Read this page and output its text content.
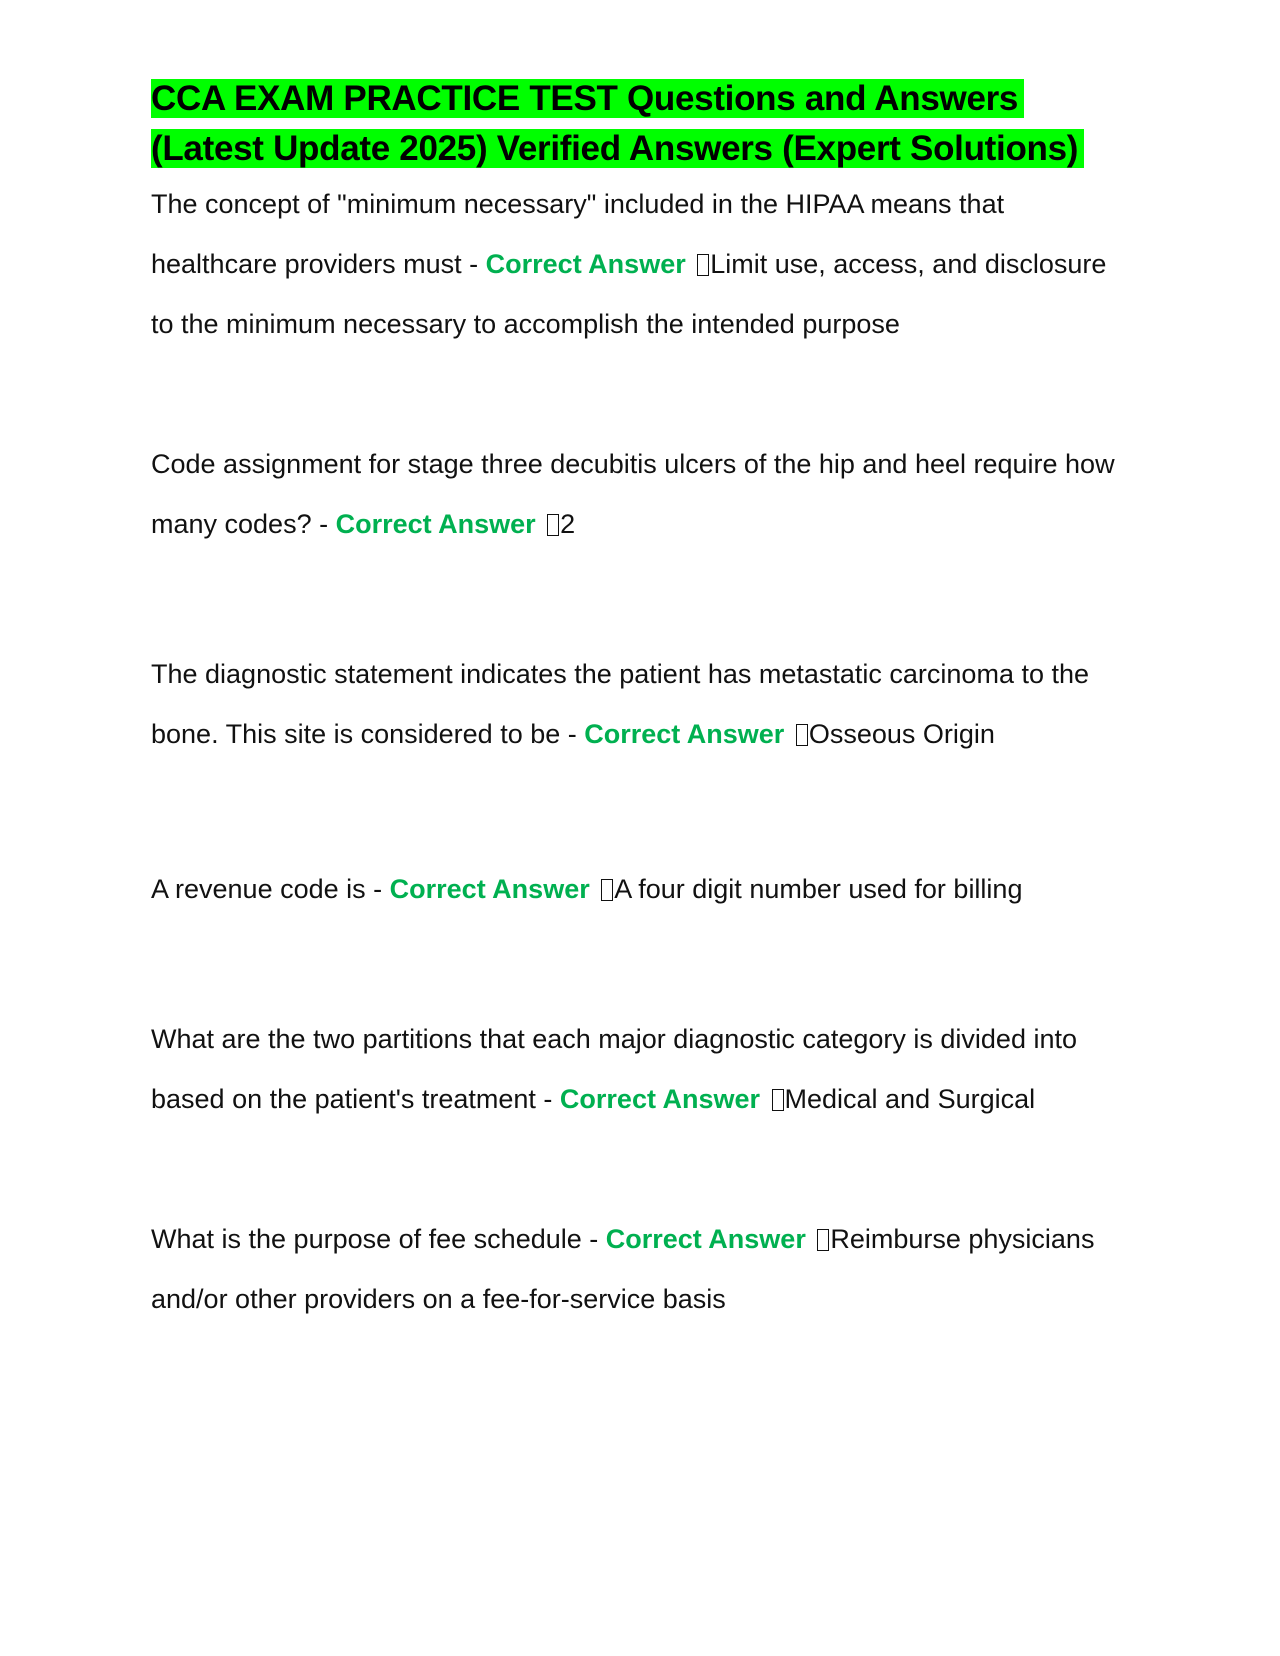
CCA EXAM PRACTICE TEST Questions and Answers (Latest Update 2025) Verified Answers (Expert Solutions)

The concept of "minimum necessary" included in the HIPAA means that healthcare providers must - Correct Answer Limit use, access, and disclosure to the minimum necessary to accomplish the intended purpose

Code assignment for stage three decubitis ulcers of the hip and heel require how many codes? - Correct Answer 2

The diagnostic statement indicates the patient has metastatic carcinoma to the bone. This site is considered to be - Correct Answer Osseous Origin

A revenue code is - Correct Answer A four digit number used for billing

What are the two partitions that each major diagnostic category is divided into based on the patient's treatment - Correct Answer Medical and Surgical

What is the purpose of fee schedule - Correct Answer Reimburse physicians and/or other providers on a fee-for-service basis
